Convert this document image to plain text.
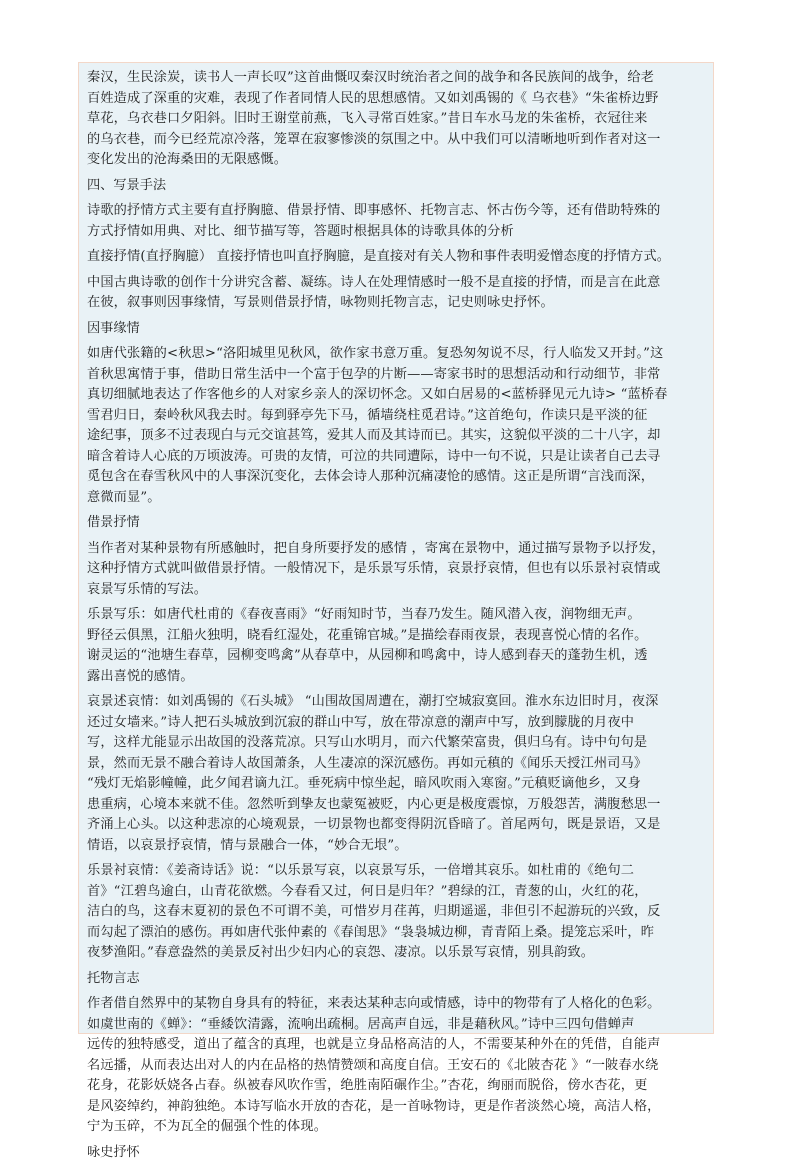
秦汉，生民涂炭，读书人一声长叹”这首曲慨叹秦汉时统治者之间的战争和各民族间的战争，给老
百姓造成了深重的灾难，表现了作者同情人民的思想感情。又如刘禹锡的《 乌衣巷》“朱雀桥边野
草花，乌衣巷口夕阳斜。旧时王谢堂前燕，飞入寻常百姓家。”昔日车水马龙的朱雀桥，衣冠往来
的乌衣巷，而今已经荒凉冷落，笼罩在寂寥惨淡的氛围之中。从中我们可以清晰地听到作者对这一
变化发出的沧海桑田的无限感慨。
四、写景手法
诗歌的抒情方式主要有直抒胸臆、借景抒情、即事感怀、托物言志、怀古伤今等，还有借助特殊的
方式抒情如用典、对比、细节描写等，答题时根据具体的诗歌具体的分析
直接抒情(直抒胸臆） 直接抒情也叫直抒胸臆，是直接对有关人物和事件表明爱憎态度的抒情方式。
中国古典诗歌的创作十分讲究含蓄、凝练。诗人在处理情感时一般不是直接的抒情，而是言在此意
在彼，叙事则因事缘情，写景则借景抒情，咏物则托物言志，记史则咏史抒怀。
因事缘情
如唐代张籍的<秋思>“洛阳城里见秋风，欲作家书意万重。复恐匆匆说不尽，行人临发又开封。”这
首秋思寓情于事，借助日常生活中一个富于包孕的片断——寄家书时的思想活动和行动细节，非常
真切细腻地表达了作客他乡的人对家乡亲人的深切怀念。又如白居易的<蓝桥驿见元九诗> “蓝桥春
雪君归日，秦岭秋风我去时。每到驿亭先下马，循墙绕柱觅君诗。”这首绝句，作读只是平淡的征
途纪事，顶多不过表现白与元交谊甚笃，爱其人而及其诗而已。其实，这貌似平淡的二十八字，却
暗含着诗人心底的万顷波涛。可贵的友情，可泣的共同遭际，诗中一句不说，只是让读者自己去寻
觅包含在春雪秋风中的人事深沉变化，去体会诗人那种沉痛凄怆的感情。这正是所谓“言浅而深，
意微而显”。
借景抒情
当作者对某种景物有所感触时，把自身所要抒发的感情 ，寄寓在景物中，通过描写景物予以抒发，
这种抒情方式就叫做借景抒情。一般情况下，是乐景写乐情，哀景抒哀情，但也有以乐景衬哀情或
哀景写乐情的写法。
乐景写乐：如唐代杜甫的《春夜喜雨》“好雨知时节，当春乃发生。随风潜入夜，润物细无声。
野径云俱黑，江船火独明，晓看红湿处，花重锦官城。”是描绘春雨夜景，表现喜悦心情的名作。
谢灵运的“池塘生春草，园柳变鸣禽”从春草中，从园柳和鸣禽中，诗人感到春天的蓬勃生机，透
露出喜悦的感情。
哀景述哀情：如刘禹锡的《石头城》 “山围故国周遭在，潮打空城寂寞回。淮水东边旧时月，夜深
还过女墙来。”诗人把石头城放到沉寂的群山中写，放在带凉意的潮声中写，放到朦胧的月夜中
写，这样尤能显示出故国的没落荒凉。只写山水明月，而六代繁荣富贵，俱归乌有。诗中句句是
景，然而无景不融合着诗人故国萧条，人生凄凉的深沉感伤。再如元稹的《闻乐天授江州司马》
“残灯无焰影幢幢，此夕闻君谪九江。垂死病中惊坐起，暗风吹雨入寒窗。”元稹贬谪他乡，又身
患重病，心境本来就不佳。忽然听到挚友也蒙冤被贬，内心更是极度震惊，万般怨苦，满腹愁思一
齐涌上心头。以这种悲凉的心境观景，一切景物也都变得阴沉昏暗了。首尾两句，既是景语，又是
情语，以哀景抒哀情，情与景融合一体，“妙合无垠”。
乐景衬哀情：《姜斋诗话》说：“以乐景写哀，以哀景写乐，一倍增其哀乐。如杜甫的《绝句二
首》“江碧鸟逾白，山青花欲燃。今春看又过，何日是归年？”碧绿的江，青葱的山，火红的花，
洁白的鸟，这春末夏初的景色不可谓不美，可惜岁月荏苒，归期遥遥，非但引不起游玩的兴致，反
而勾起了漂泊的感伤。再如唐代张仲素的《春闺思》“袅袅城边柳，青青陌上桑。提笼忘采叶，昨
夜梦渔阳。”春意盎然的美景反衬出少妇内心的哀怨、凄凉。以乐景写哀情，别具韵致。
托物言志
作者借自然界中的某物自身具有的特征，来表达某种志向或情感，诗中的物带有了人格化的色彩。
如虞世南的《蝉》：“垂緌饮清露，流响出疏桐。居高声自远，非是藉秋风。”诗中三四句借蝉声
远传的独特感受，道出了蕴含的真理，也就是立身品格高洁的人，不需要某种外在的凭借，自能声
名远播，从而表达出对人的内在品格的热情赞颂和高度自信。王安石的《北陂杏花 》“一陂春水绕
花身，花影妖娆各占春。纵被春风吹作雪，绝胜南陌碾作尘。”杏花，绚丽而脱俗，傍水杏花，更
是风姿绰约，神韵独绝。本诗写临水开放的杏花，是一首咏物诗，更是作者淡然心境，高洁人格，
宁为玉碎，不为瓦全的倔强个性的体现。
咏史抒怀
